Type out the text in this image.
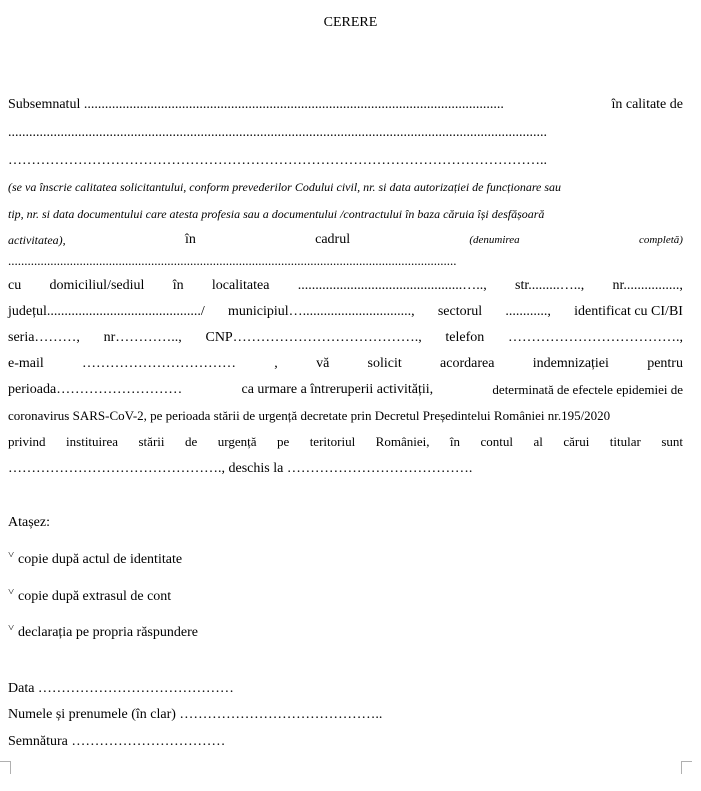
CERERE
Subsemnatul ........................................................................................................................	în calitate de
..........................................................................................................................................................
……………………………………………………………………………………………………..
(se va înscrie calitatea solicitantului, conform prevederilor Codului civil, nr. si data autorizației de funcționare sau
tip, nr. si data documentului care atesta profesia sau a documentului /contractului în baza căruia își desfășoară
activitatea),	în	cadrul	(denumirea	completă)
..........................................................................................................................................
cu domiciliul/sediul în localitatea ...............................................….., str.........….., nr................,
județul............................................/ municipiul…..............................., sectorul ............, identificat cu CI/BI
seria………, nr………….., CNP…………………………………., telefon ……………………………….,
e-mail	……………………………	,	vă	solicit	acordarea	indemnizației	pentru
perioada………………………	ca urmare a întreruperii activității,	determinată de efectele epidemiei de
coronavirus SARS-CoV-2, pe perioada stării de urgență decretate prin Decretul Președintelui României nr.195/2020
privind instituirea stării de urgență pe teritoriul României, în contul al cărui titular sunt
………………………………………., deschis la ………………………………….
Atașez:
˅ copie după actul de identitate
˅ copie după extrasul de cont
˅ declarația pe propria răspundere
Data ……………………………………
Numele și prenumele (în clar) ……………………………………..
Semnătura ……………………………
